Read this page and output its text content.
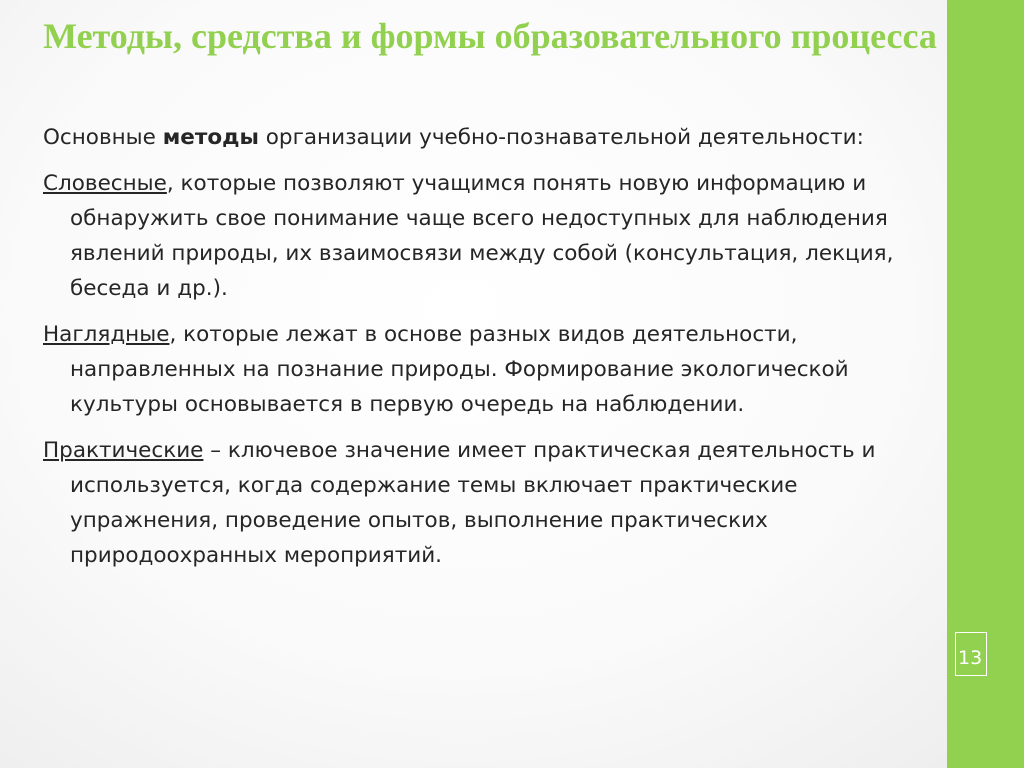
13
Методы, средства и формы образовательного процесса

Основные методы организации учебно-познавательной деятельности:

Словесные, которые позволяют учащимся понять новую информацию и обнаружить свое понимание чаще всего недоступных для наблюдения явлений природы, их взаимосвязи между собой (консультация, лекция, беседа и др.).

Наглядные, которые лежат в основе разных видов деятельности, направленных на познание природы. Формирование экологической культуры основывается в первую очередь на наблюдении.

Практические – ключевое значение имеет практическая деятельность и используется, когда содержание темы включает практические упражнения, проведение опытов, выполнение практических природоохранных мероприятий.
